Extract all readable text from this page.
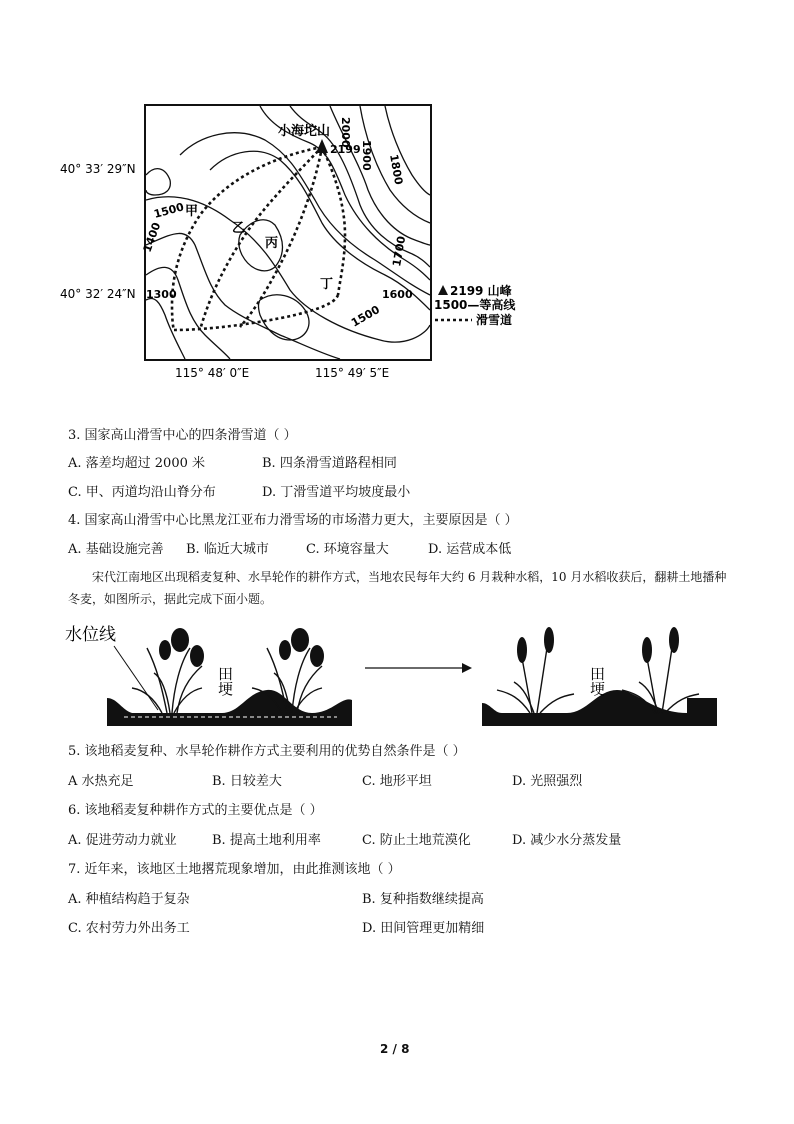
小海坨山
2199
2000
1900 1800
1700
1600
1500
1500
1400
1300
甲
乙
丙
丁
40° 33′ 29″N
40° 32′ 24″N
115° 48′ 0″E	115° 49′ 5″E
2199 山峰
1500—等高线
滑雪道
3. 国家高山滑雪中心的四条滑雪道（ ）
A. 落差均超过 2000 米	B. 四条滑雪道路程相同
C. 甲、丙道均沿山脊分布	D. 丁滑雪道平均坡度最小
4. 国家高山滑雪中心比黑龙江亚布力滑雪场的市场潜力更大，主要原因是（ ）
A. 基础设施完善 B. 临近大城市	C. 环境容量大	D. 运营成本低
宋代江南地区出现稻麦复种、水旱轮作的耕作方式，当地农民每年大约 6 月栽种水稻，10 月水稻收获后，翻耕土地播种冬麦，如图所示，据此完成下面小题。
水位线
田埂	田埂
5. 该地稻麦复种、水旱轮作耕作方式主要利用的优势自然条件是（ ）
A 水热充足	B. 日较差大	C. 地形平坦	D. 光照强烈
6. 该地稻麦复种耕作方式的主要优点是（ ）
A. 促进劳动力就业	B. 提高土地利用率	C. 防止土地荒漠化	D. 减少水分蒸发量
7. 近年来，该地区土地撂荒现象增加，由此推测该地（ ）
A. 种植结构趋于复杂	B. 复种指数继续提高
C. 农村劳力外出务工	D. 田间管理更加精细
2 / 8
